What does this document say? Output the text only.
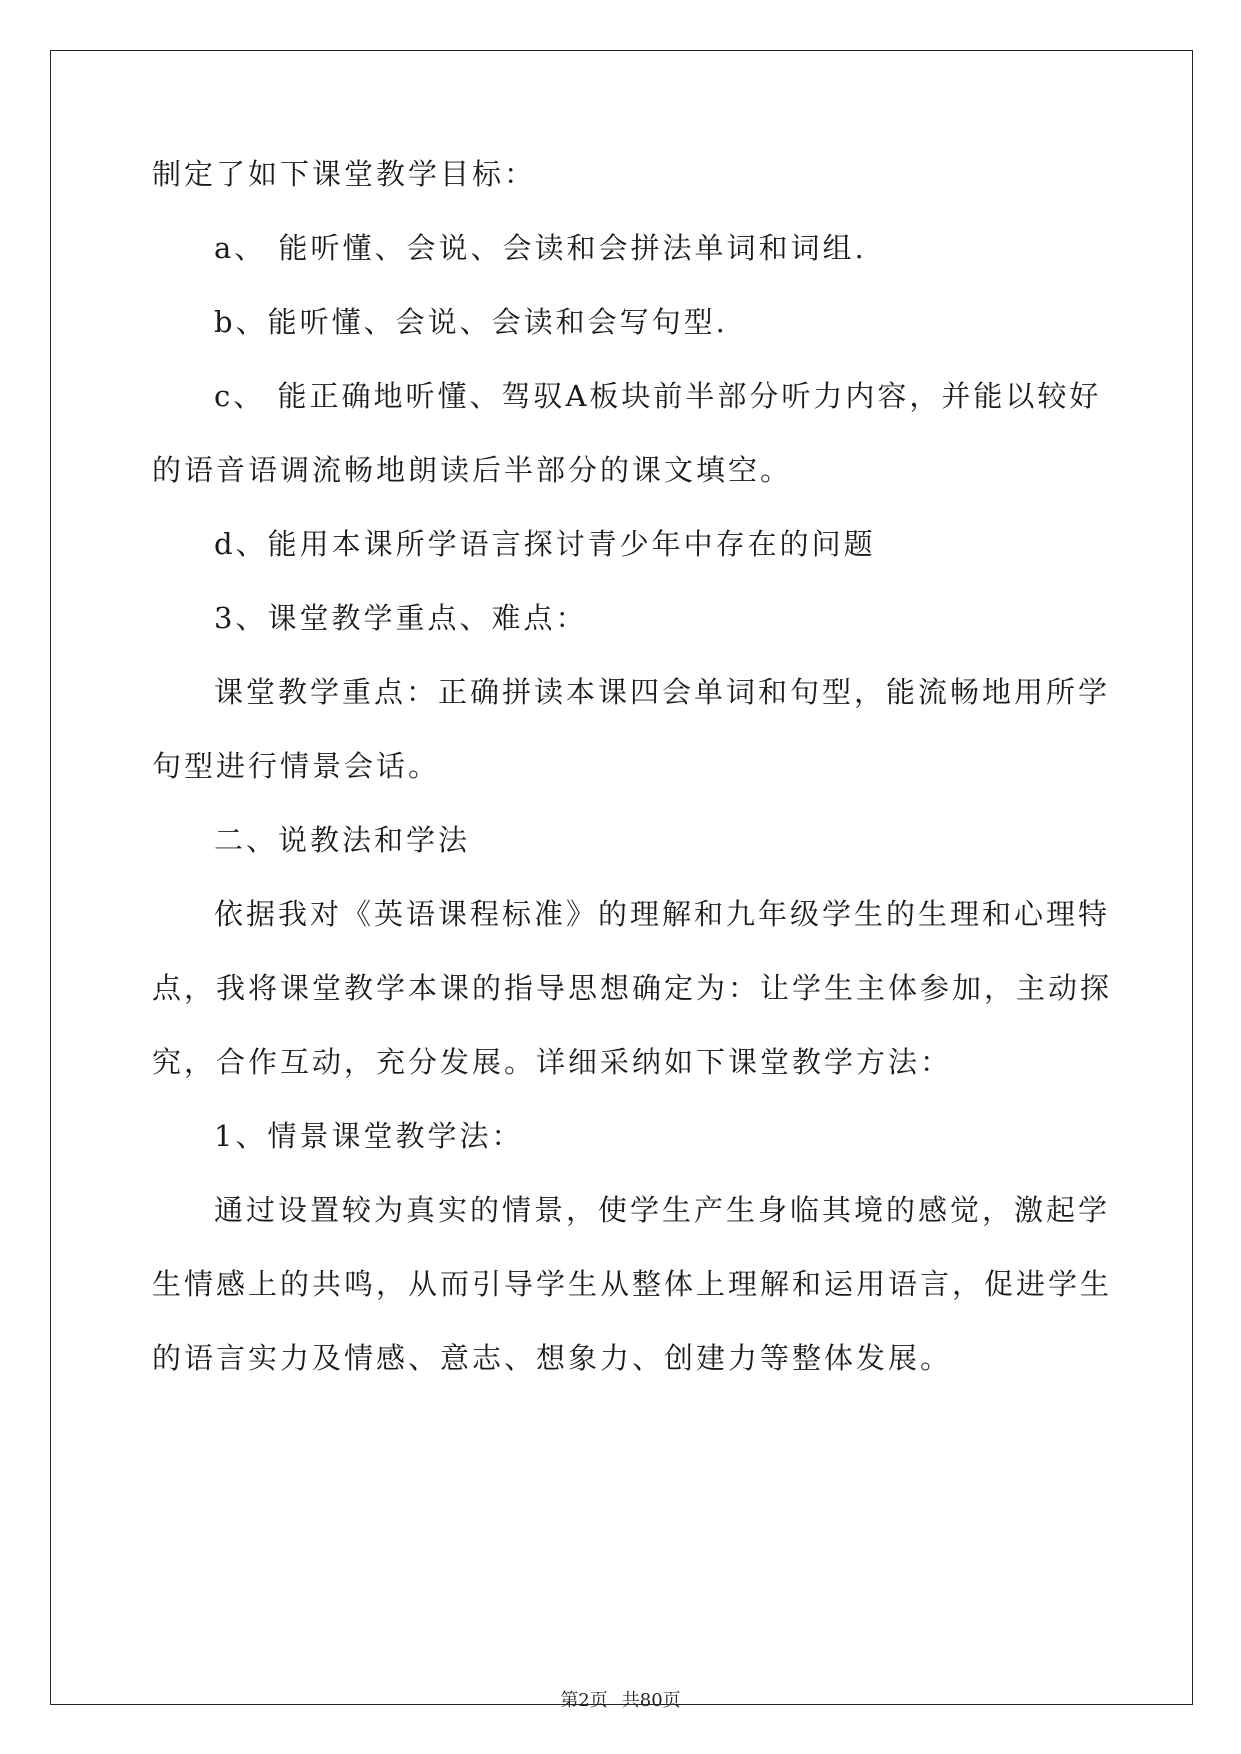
制定了如下课堂教学目标：
a、 能听懂、会说、会读和会拼法单词和词组.
b、能听懂、会说、会读和会写句型.
c、 能正确地听懂、驾驭A板块前半部分听力内容，并能以较好
的语音语调流畅地朗读后半部分的课文填空。
d、能用本课所学语言探讨青少年中存在的问题
3、课堂教学重点、难点：
课堂教学重点：正确拼读本课四会单词和句型，能流畅地用所学
句型进行情景会话。
二、说教法和学法
依据我对《英语课程标准》的理解和九年级学生的生理和心理特
点，我将课堂教学本课的指导思想确定为：让学生主体参加，主动探
究，合作互动，充分发展。详细采纳如下课堂教学方法：
1、情景课堂教学法：
通过设置较为真实的情景，使学生产生身临其境的感觉，激起学
生情感上的共鸣，从而引导学生从整体上理解和运用语言，促进学生
的语言实力及情感、意志、想象力、创建力等整体发展。
第2页 共80页
